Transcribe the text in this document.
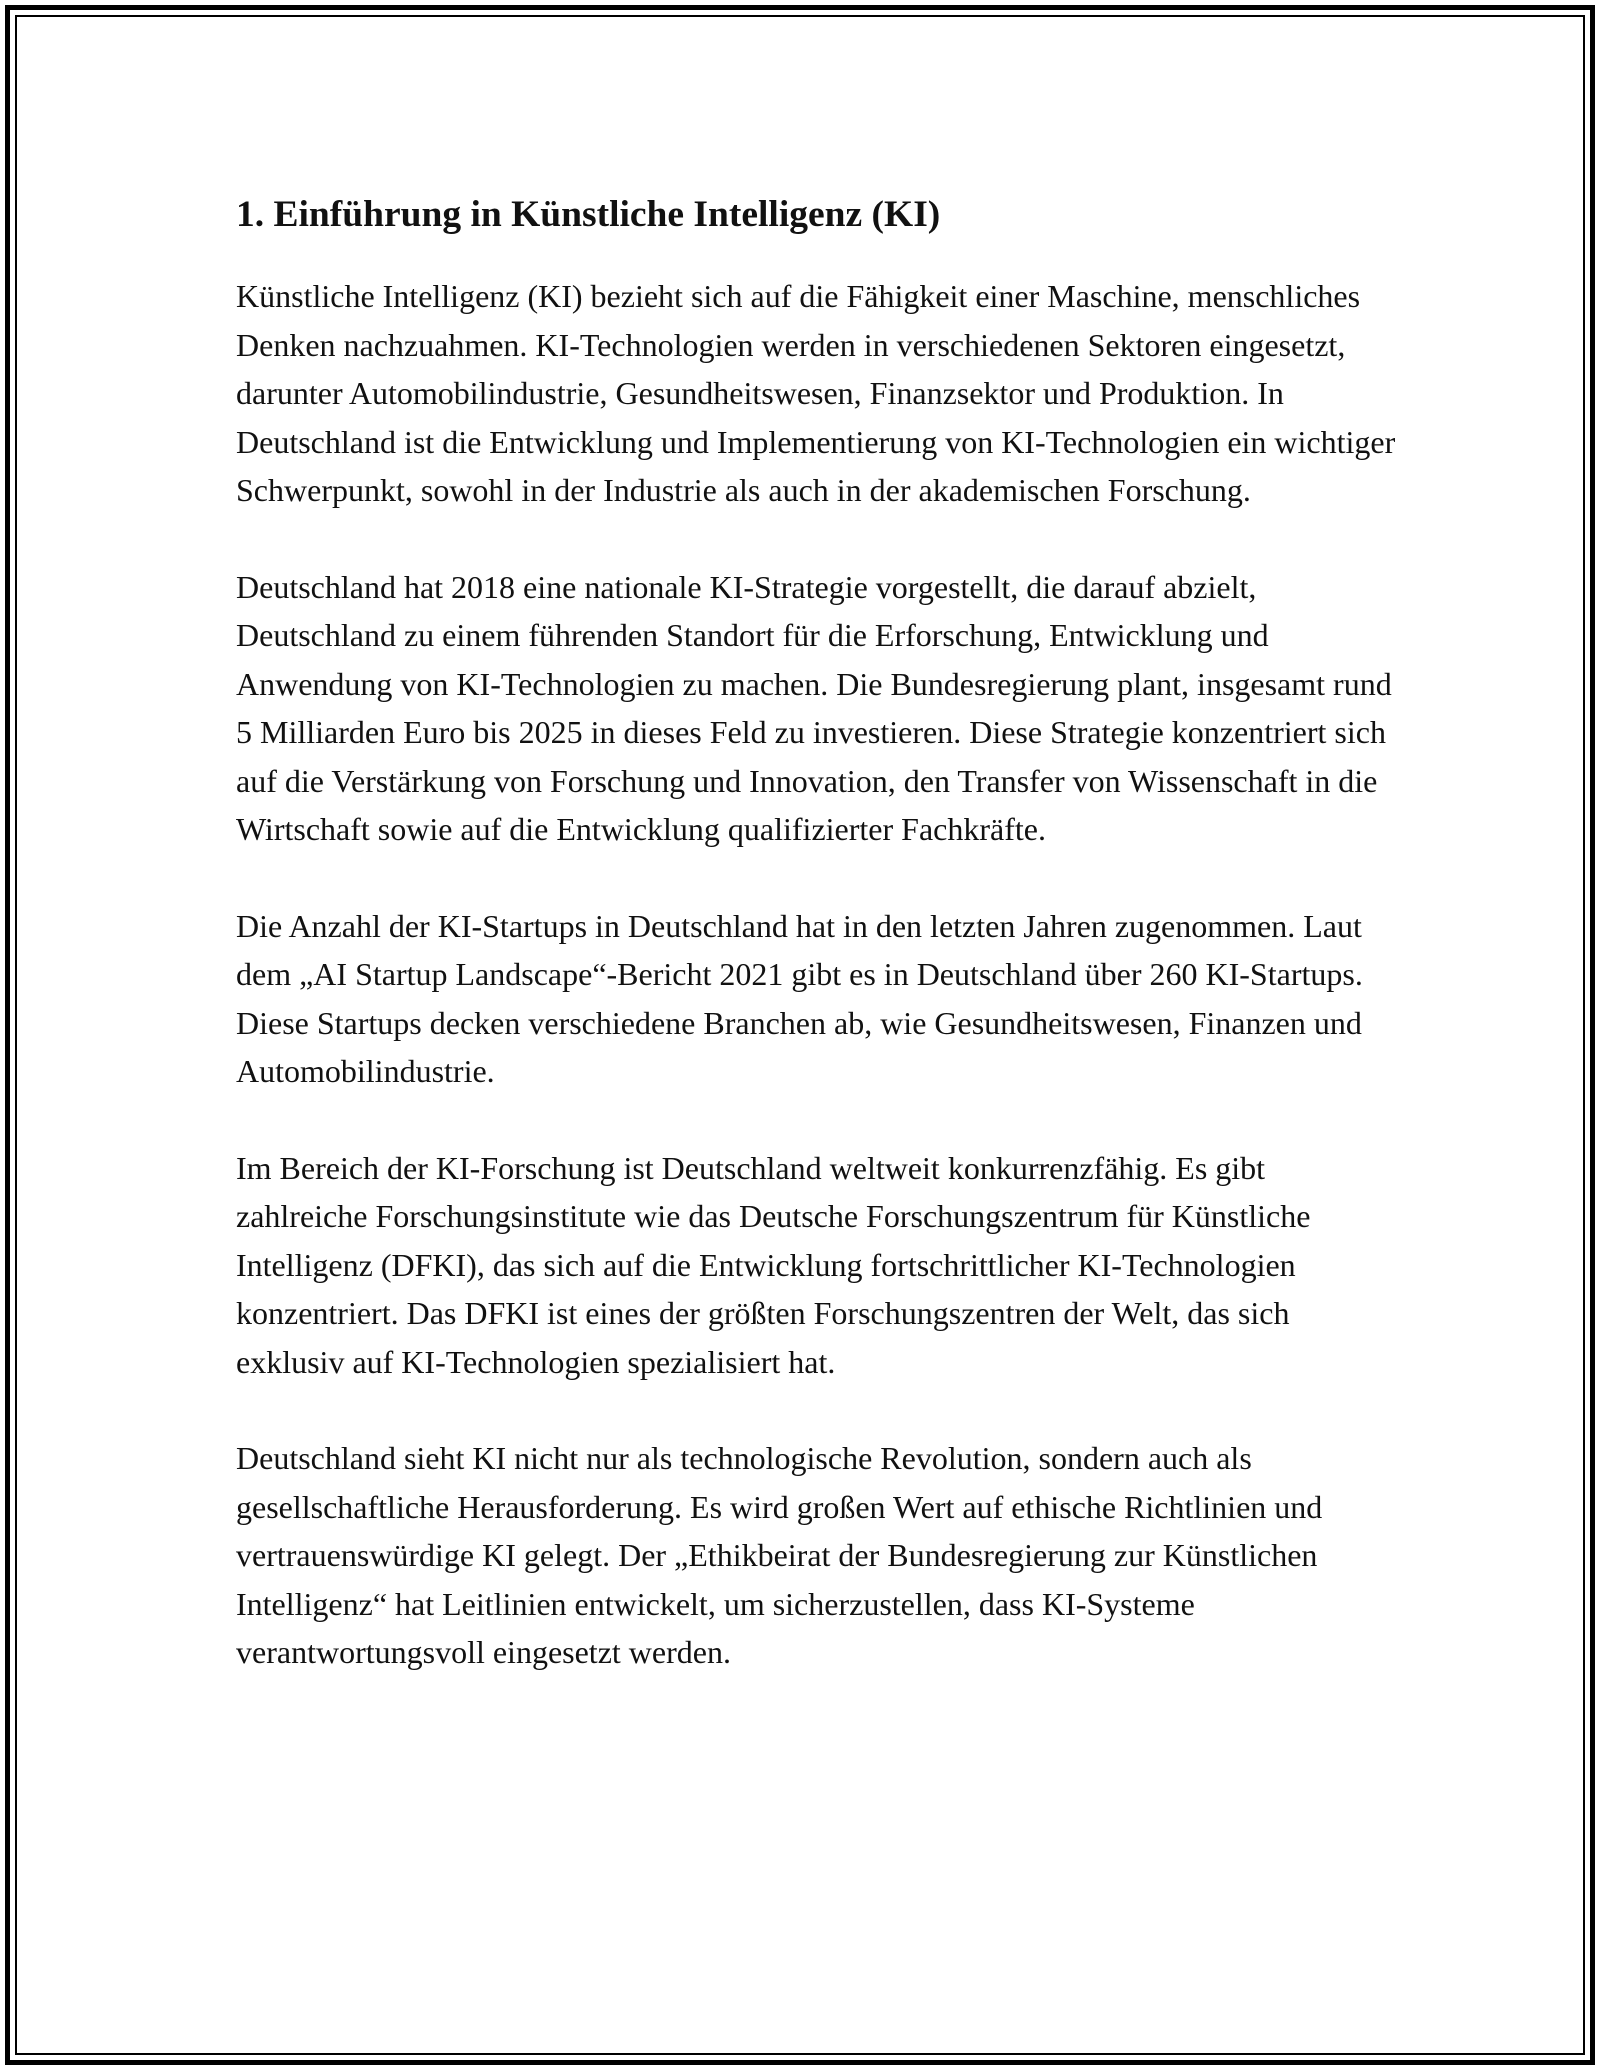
1. Einführung in Künstliche Intelligenz (KI)

Künstliche Intelligenz (KI) bezieht sich auf die Fähigkeit einer Maschine, menschliches Denken nachzuahmen. KI-Technologien werden in verschiedenen Sektoren eingesetzt, darunter Automobilindustrie, Gesundheitswesen, Finanzsektor und Produktion. In Deutschland ist die Entwicklung und Implementierung von KI-Technologien ein wichtiger Schwerpunkt, sowohl in der Industrie als auch in der akademischen Forschung.

Deutschland hat 2018 eine nationale KI-Strategie vorgestellt, die darauf abzielt, Deutschland zu einem führenden Standort für die Erforschung, Entwicklung und Anwendung von KI-Technologien zu machen. Die Bundesregierung plant, insgesamt rund 5 Milliarden Euro bis 2025 in dieses Feld zu investieren. Diese Strategie konzentriert sich auf die Verstärkung von Forschung und Innovation, den Transfer von Wissenschaft in die Wirtschaft sowie auf die Entwicklung qualifizierter Fachkräfte.

Die Anzahl der KI-Startups in Deutschland hat in den letzten Jahren zugenommen. Laut dem „AI Startup Landscape“-Bericht 2021 gibt es in Deutschland über 260 KI-Startups. Diese Startups decken verschiedene Branchen ab, wie Gesundheitswesen, Finanzen und Automobilindustrie.

Im Bereich der KI-Forschung ist Deutschland weltweit konkurrenzfähig. Es gibt zahlreiche Forschungsinstitute wie das Deutsche Forschungszentrum für Künstliche Intelligenz (DFKI), das sich auf die Entwicklung fortschrittlicher KI-Technologien konzentriert. Das DFKI ist eines der größten Forschungszentren der Welt, das sich exklusiv auf KI-Technologien spezialisiert hat.

Deutschland sieht KI nicht nur als technologische Revolution, sondern auch als gesellschaftliche Herausforderung. Es wird großen Wert auf ethische Richtlinien und vertrauenswürdige KI gelegt. Der „Ethikbeirat der Bundesregierung zur Künstlichen Intelligenz“ hat Leitlinien entwickelt, um sicherzustellen, dass KI-Systeme verantwortungsvoll eingesetzt werden.
